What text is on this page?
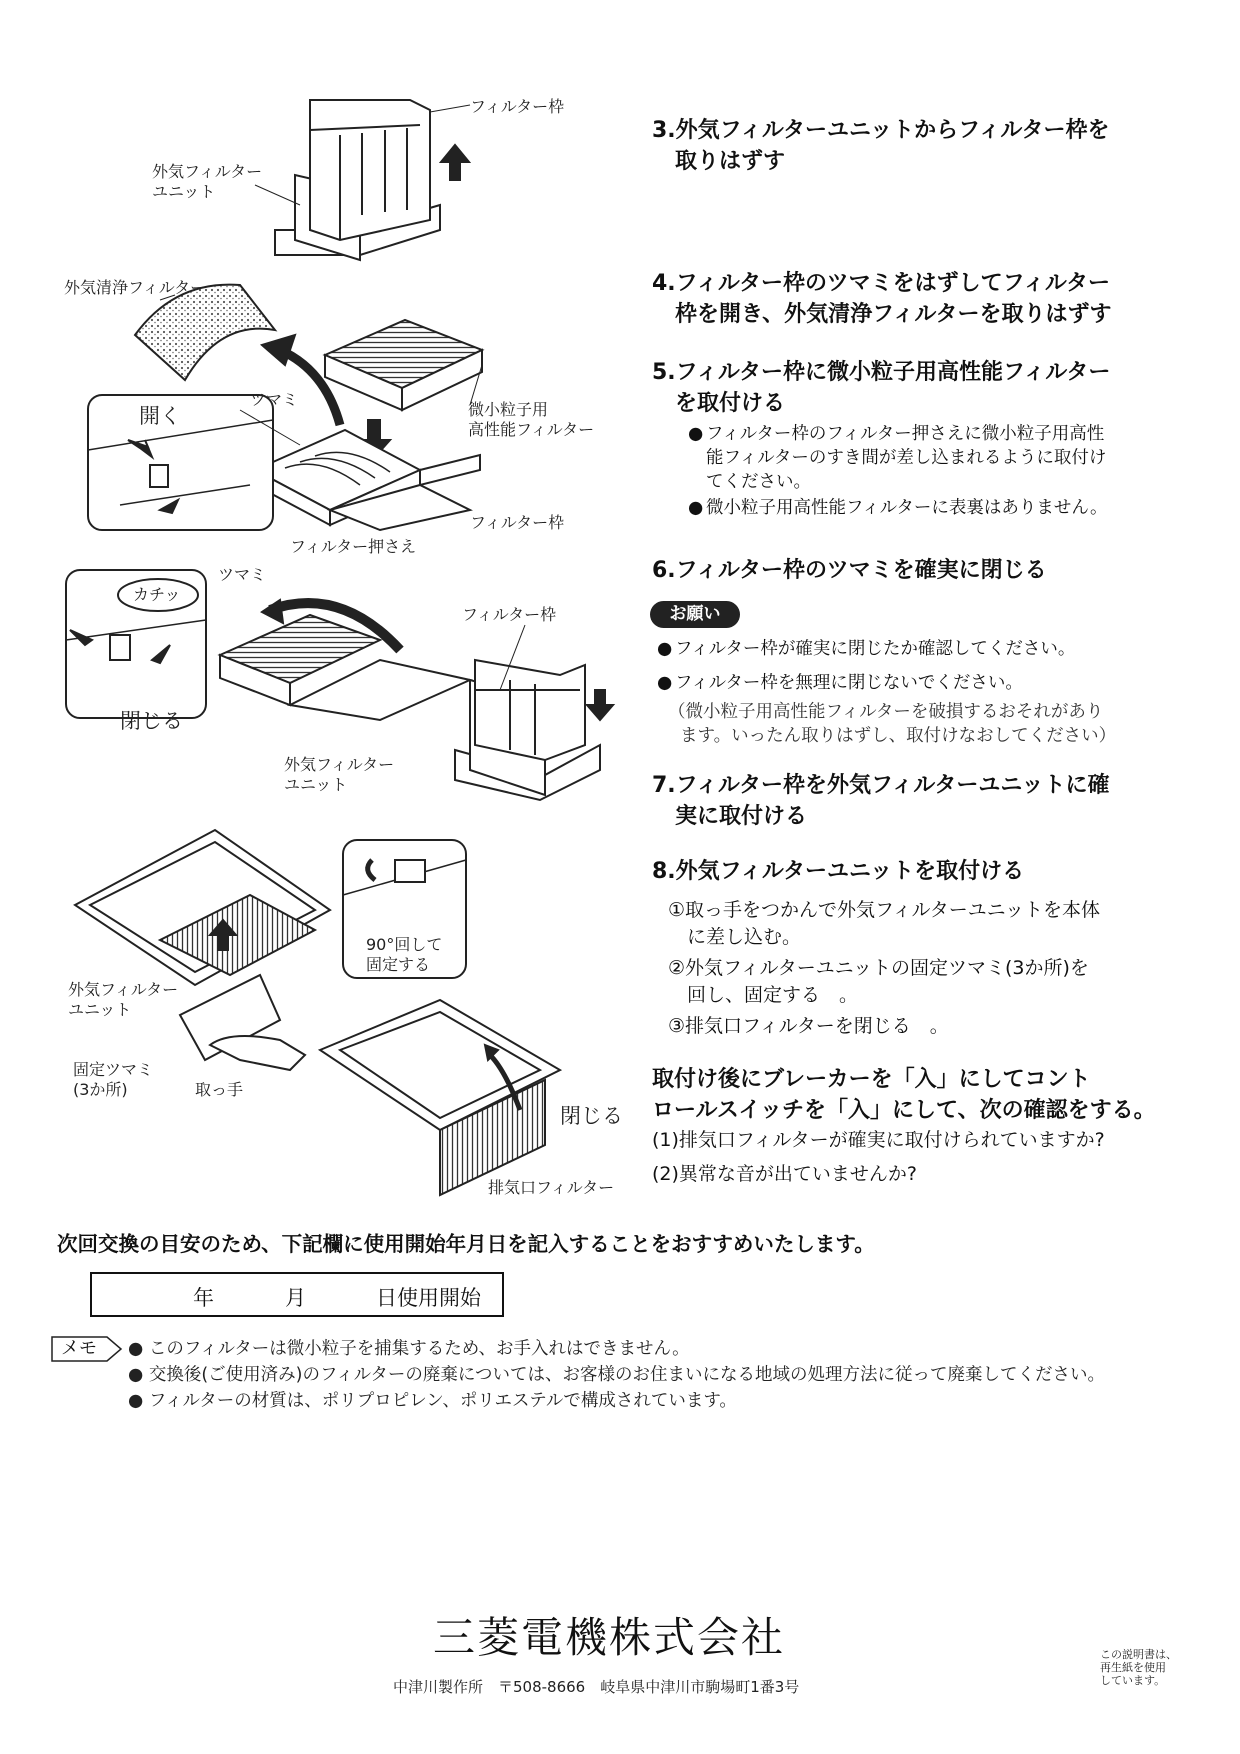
フィルター枠
外気フィルター
ユニット
外気清浄フィルター
開く
ツマミ
微小粒子用
高性能フィルター
フィルター枠
フィルター押さえ
カチッ
ツマミ
フィルター枠
閉じる
外気フィルター
ユニット
90°回して
固定する
外気フィルター
ユニット
固定ツマミ
(3か所)	取っ手
閉じる
排気口フィルター
3.外気フィルターユニットからフィルター枠を
取りはずす
4.フィルター枠のツマミをはずしてフィルター
枠を開き、外気清浄フィルターを取りはずす
5.フィルター枠に微小粒子用高性能フィルター
を取付ける
● フィルター枠のフィルター押さえに微小粒子用高性
能フィルターのすき間が差し込まれるように取付け
てください。
● 微小粒子用高性能フィルターに表裏はありません。
6.フィルター枠のツマミを確実に閉じる
お願い
● フィルター枠が確実に閉じたか確認してください。
● フィルター枠を無理に閉じないでください。
（微小粒子用高性能フィルターを破損するおそれがあり
ます。いったん取りはずし、取付けなおしてください）
7.フィルター枠を外気フィルターユニットに確
実に取付ける
8.外気フィルターユニットを取付ける
①取っ手をつかんで外気フィルターユニットを本体
に差し込む。
②外気フィルターユニットの固定ツマミ(3か所)を
回し、固定する　。
③排気口フィルターを閉じる　。
取付け後にブレーカーを「入」にしてコント
ロールスイッチを「入」にして、次の確認をする。
(1)排気口フィルターが確実に取付けられていますか?
(2)異常な音が出ていませんか?
次回交換の目安のため、下記欄に使用開始年月日を記入することをおすすめいたします。
年	月	日使用開始
メモ ● このフィルターは微小粒子を捕集するため、お手入れはできません。
● 交換後(ご使用済み)のフィルターの廃棄については、お客様のお住まいになる地域の処理方法に従って廃棄してください。
● フィルターの材質は、ポリプロピレン、ポリエステルで構成されています。
三菱電機株式会社
中津川製作所　〒508-8666　岐阜県中津川市駒場町1番3号
この説明書は、
再生紙を使用
しています。
